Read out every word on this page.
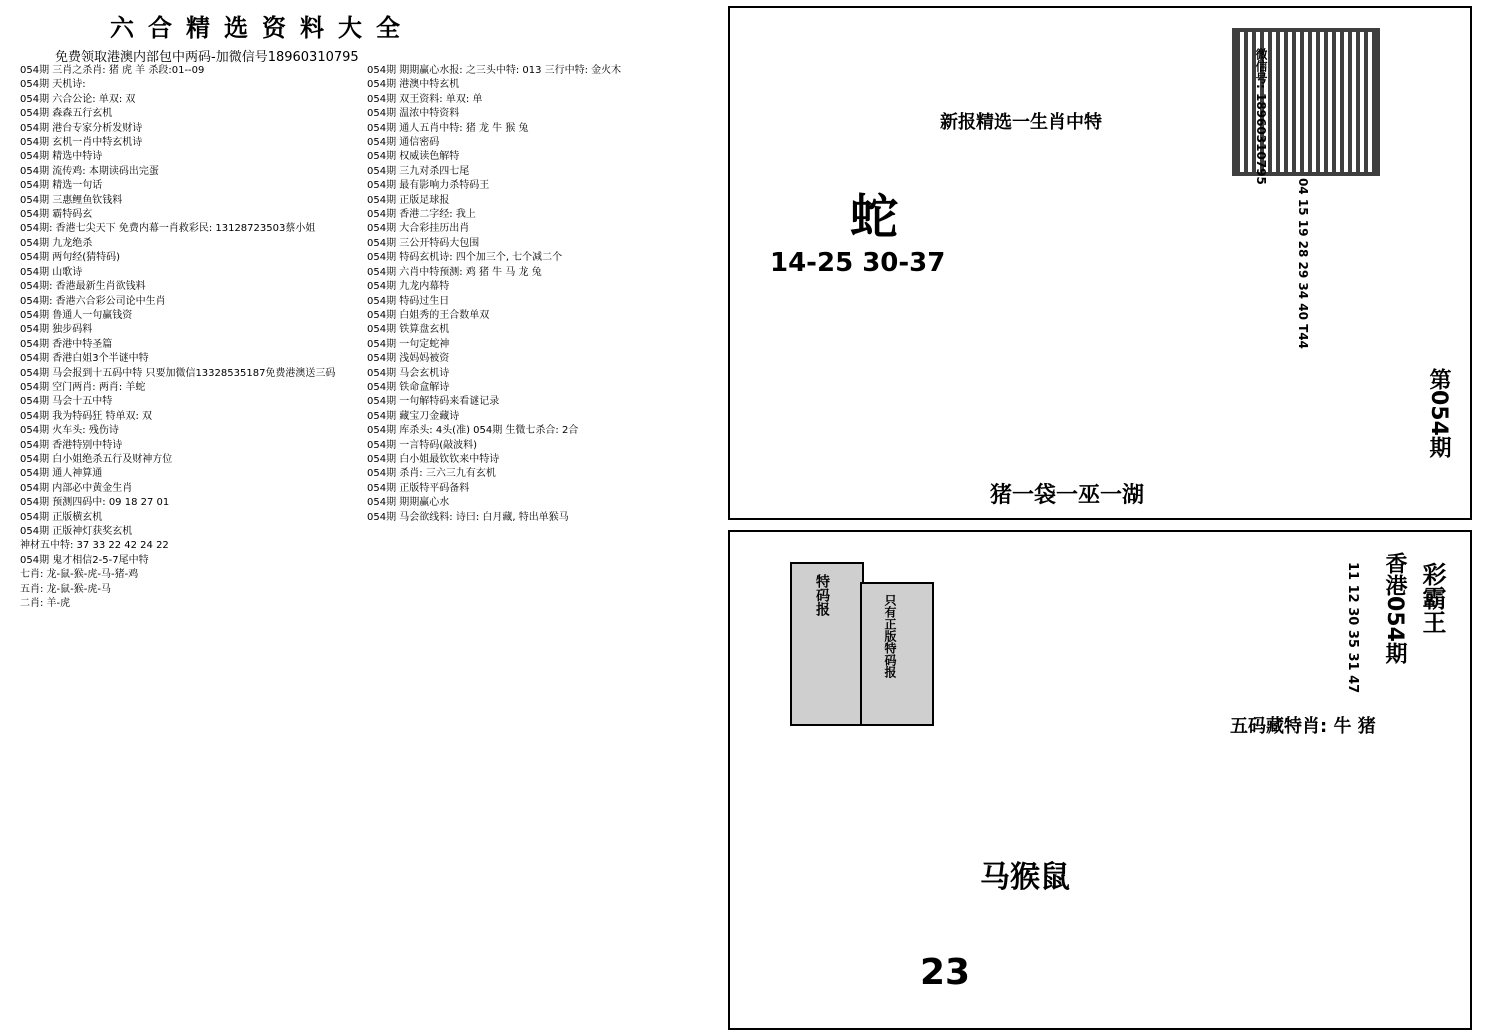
六合精选资料大全
免费领取港澳内部包中两码-加微信号18960310795
054期 三肖之杀肖: 猪 虎 羊 杀段:01--09
054期 天机诗:
054期 六合公论: 单双: 双
054期 森森五行玄机
054期 港台专家分析发财诗
054期 玄机一肖中特玄机诗
054期 精选中特诗
054期 流传鸡: 本期读码出完蛋
054期 精选一句话
054期 三惠鲤鱼钦钱料
054期 霸特码玄
054期: 香港七尖天下 免费内幕一肖救彩民: 13128723503蔡小姐
054期 九龙绝杀
054期 两句经(猜特码)
054期 山歌诗
054期: 香港最新生肖欲钱料
054期: 香港六合彩公司论中生肖
054期 鲁通人一句赢钱资
054期 独步码料
054期 香港中特圣篇
054期 香港白姐3个半谜中特
054期 马会报到十五码中特 只要加微信13328535187免费港澳送三码
054期 空门两肖: 两肖: 羊蛇
054期 马会十五中特
054期 我为特码狂 特单双: 双
054期 火车头: 残伤诗
054期 香港特别中特诗
054期 白小姐绝杀五行及财神方位
054期 通人神算通
054期 内部必中黄金生肖
054期 预测四码中: 09 18 27 01
054期 正版横玄机
054期 正版神灯获奖玄机
神材五中特: 37 33 22 42 24 22
054期 鬼才相信2-5-7尾中特
七肖: 龙-鼠-猴-虎-马-猪-鸡
五肖: 龙-鼠-猴-虎-马
二肖: 羊-虎
054期 期期赢心水报: 之三头中特: 013 三行中特: 金火木
054期 港澳中特玄机
054期 双王资料: 单双: 单
054期 温浓中特资料
054期 通人五肖中特: 猪 龙 牛 猴 兔
054期 通信密码
054期 权威读色解特
054期 三九对杀四七尾
054期 最有影响力杀特码王
054期 正版足球报
054期 香港二字经: 我上
054期 大合彩挂历出肖
054期 三公开特码大包围
054期 特码玄机诗: 四个加三个, 七个减二个
054期 六肖中特预测: 鸡 猪 牛 马 龙 兔
054期 九龙内幕特
054期 特码过生日
054期 白姐秀的王合数单双
054期 铁算盘玄机
054期 一句定蛇神
054期 浅妈妈被资
054期 马会玄机诗
054期 铁命盒解诗
054期 一句解特码来看谜记录
054期 藏宝刀金藏诗
054期 库杀头: 4头(准) 054期 生微七杀合: 2合
054期 一言特码(敲波料)
054期 白小姐最钦钦来中特诗
054期 杀肖: 三六三九有玄机
054期 正版特平码备料
054期 期期赢心水
054期 马会欲线料: 诗曰: 白月藏, 特出单猴马
第054期
微信号: 18960310795
04 15 19 28 29 34 40 T44
新报精选一生肖中特
蛇
14-25 30-37
猪一袋一巫一湖
香港054期 彩霸王
11 12 30 35 31 47
五码藏特肖: 牛 猪
马猴鼠
23
特码报	只有正版特码报
